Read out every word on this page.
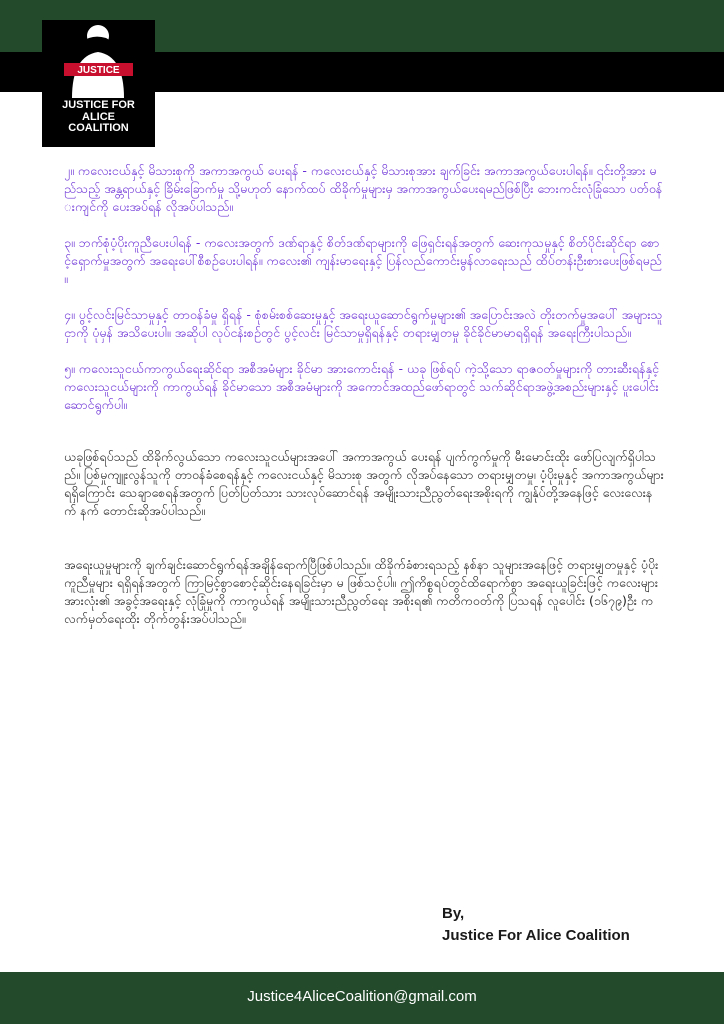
JUSTICE
JUSTICE FOR
ALICE
COALITION

၂။ ကလေးငယ်နှင့် မိသားစုကို အကာအကွယ် ပေးရန် - ကလေးငယ်နှင့် မိသားစုအား ချက်ခြင်း အကာအကွယ်ပေးပါရန်။ ၎င်းတို့အား မည်သည့် အန္တရာယ်နှင့် ခြိမ်းခြောက်မှု သို့မဟုတ် နောက်ထပ် ထိခိုက်မှုများမှ အကာအကွယ်ပေးရမည်ဖြစ်ပြီး ဘေးကင်းလုံခြုံသော ပတ်ဝန်းကျင်ကို ပေးအပ်ရန် လိုအပ်ပါသည်။

၃။ ဘက်စုံပံ့ပိုးကူညီပေးပါရန် - ကလေးအတွက် ဒဏ်ရာနှင့် စိတ်ဒဏ်ရာများကို ဖြေရှင်းရန်အတွက် ဆေးကုသမှုနှင့် စိတ်ပိုင်းဆိုင်ရာ စောင့်ရှောက်မှုအတွက် အရေးပေါ်စီစဉ်ပေးပါရန်။ ကလေး၏ ကျန်းမာရေးနှင့် ပြန်လည်ကောင်းမွန်လာရေးသည် ထိပ်တန်းဦးစားပေးဖြစ်ရမည်။

၄။ ပွင့်လင်းမြင်သာမှုနှင့် တာဝန်ခံမှု ရှိရန် - စုံစမ်းစစ်ဆေးမှုနှင့် အရေးယူဆောင်ရွက်မှုများ၏ အပြောင်းအလဲ တိုးတက်မှုအပေါ် အများသူငှာကို ပုံမှန် အသိပေးပါ။ အဆိုပါ လုပ်ငန်းစဉ်တွင် ပွင့်လင်း မြင်သာမှုရှိရန်နှင့် တရားမျှတမှု ခိုင်ခိုင်မာမာရရှိရန် အရေးကြီးပါသည်။

၅။ ကလေးသူငယ်ကာကွယ်ရေးဆိုင်ရာ အစီအမံများ ခိုင်မာ အားကောင်းရန် - ယခု ဖြစ်ရပ် ကဲ့သို့သော ရာဇဝတ်မှုများကို တားဆီးရန်နှင့် ကလေးသူငယ်များကို ကာကွယ်ရန် ခိုင်မာသော အစီအမံများကို အကောင်အထည်ဖော်ရာတွင် သက်ဆိုင်ရာအဖွဲ့အစည်းများနှင့် ပူးပေါင်းဆောင်ရွက်ပါ။

ယခုဖြစ်ရပ်သည် ထိခိုက်လွယ်သော ကလေးသူငယ်များအပေါ် အကာအကွယ် ပေးရန် ပျက်ကွက်မှုကို မီးမောင်းထိုး ဖော်ပြလျက်ရှိပါသည်။ ပြစ်မှုကျူးလွန်သူကို တာဝန်ခံစေရန်နှင့် ကလေးငယ်နှင့် မိသားစု အတွက် လိုအပ်နေသော တရားမျှတမှု၊ ပံ့ပိုးမှုနှင့် အကာအကွယ်များ ရရှိကြောင်း သေချာစေရန်အတွက် ပြတ်ပြတ်သား သားလုပ်ဆောင်ရန် အမျိုးသားညီညွတ်ရေးအစိုးရကို ကျွန်ုပ်တို့အနေဖြင့် လေးလေးနက် နက် တောင်းဆိုအပ်ပါသည်။

အရေးယူမှုများကို ချက်ချင်းဆောင်ရွက်ရန်အချိန်ရောက်ပြီဖြစ်ပါသည်။ ထိခိုက်ခံစားရသည့် နစ်နာ သူများအနေဖြင့် တရားမျှတမှုနှင့် ပံ့ပိုးကူညီမှုများ ရရှိရန်အတွက် ကြာမြင့်စွာစောင့်ဆိုင်းနေရခြင်းမှာ မ ဖြစ်သင့်ပါ။ ဤကိစ္စရပ်တွင်ထိရောက်စွာ အရေးယူခြင်းဖြင့် ကလေးများအားလုံး၏ အခွင့်အရေးနှင့် လုံခြုံမှုကို ကာကွယ်ရန် အမျိုးသားညီညွတ်ရေး အစိုးရ၏ ကတိကဝတ်ကို ပြသရန် လူပေါင်း (၁၆၇၉)ဦး ကလက်မှတ်ရေးထိုး တိုက်တွန်းအပ်ပါသည်။

By,
Justice For Alice Coalition
Justice4AliceCoalition@gmail.com
